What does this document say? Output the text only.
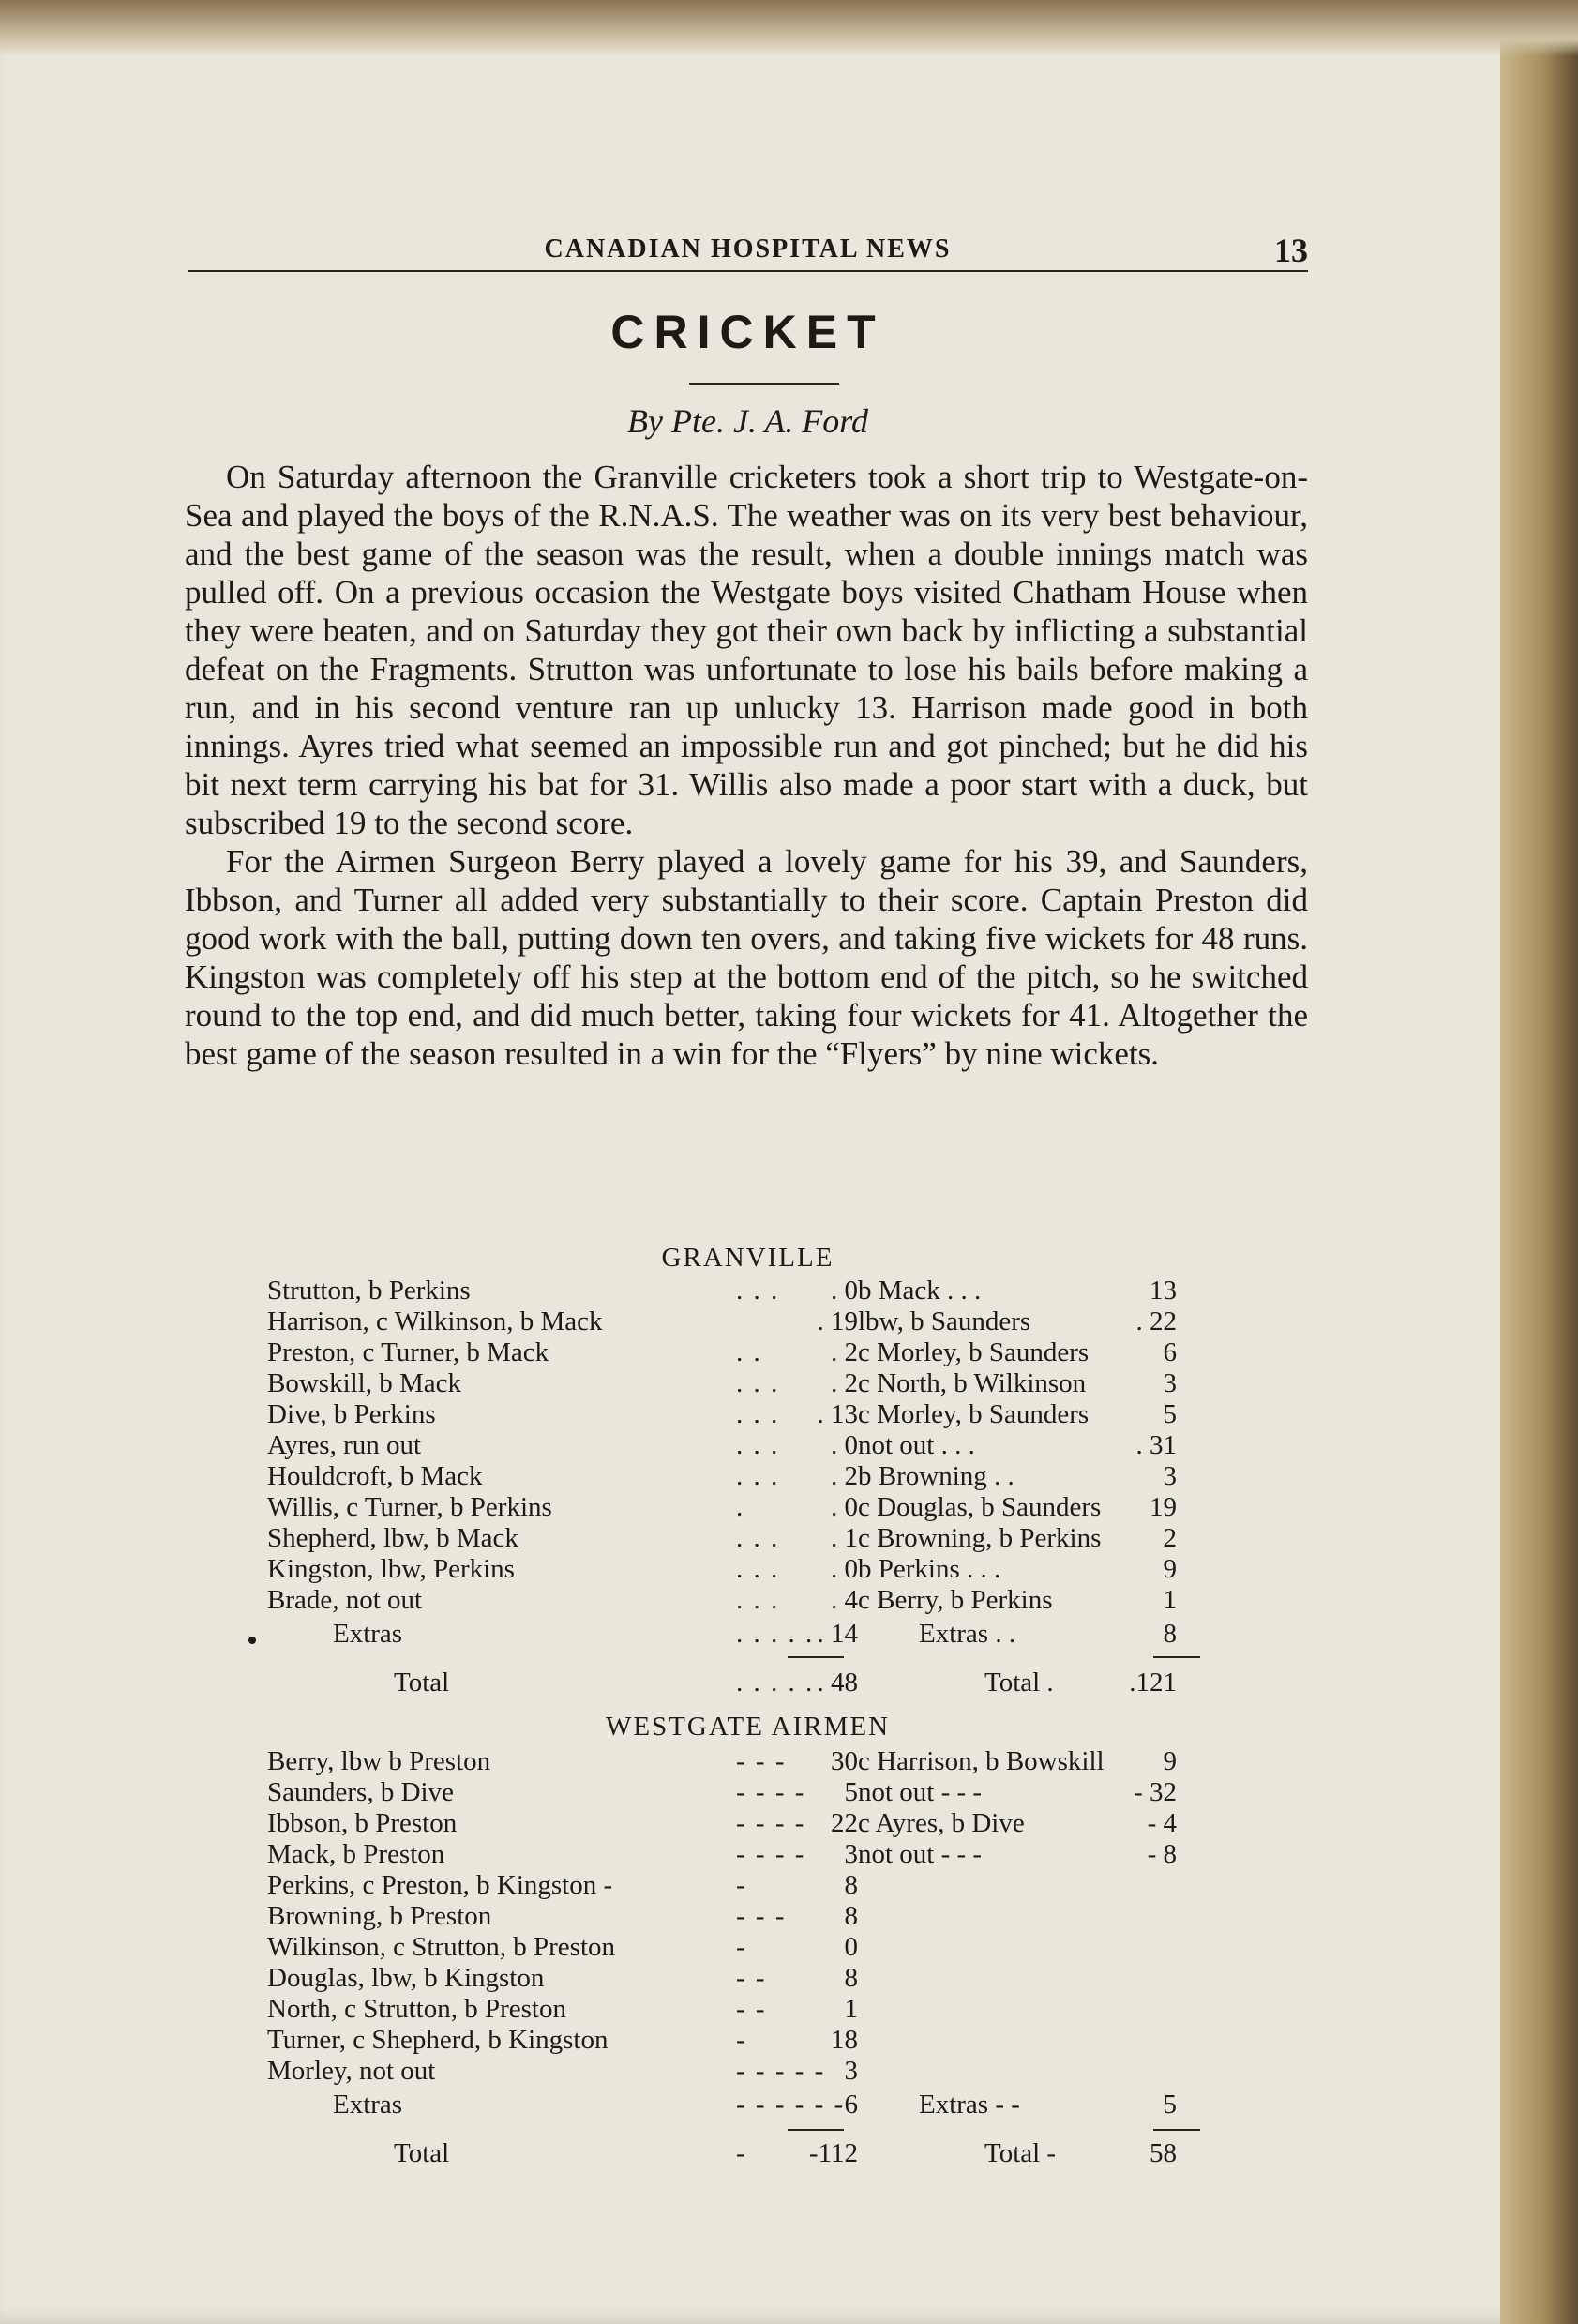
CANADIAN HOSPITAL NEWS	13
CRICKET
By Pte. J. A. Ford

On Saturday afternoon the Granville cricketers took a short trip to Westgate-on-Sea and played the boys of the R.N.A.S. The weather was on its very best behaviour, and the best game of the season was the result, when a double innings match was pulled off. On a previous occasion the Westgate boys visited Chatham House when they were beaten, and on Saturday they got their own back by inflicting a substantial defeat on the Fragments. Strutton was unfortunate to lose his bails before making a run, and in his second venture ran up unlucky 13. Harrison made good in both innings. Ayres tried what seemed an impossible run and got pinched; but he did his bit next term carrying his bat for 31. Willis also made a poor start with a duck, but subscribed 19 to the second score.

For the Airmen Surgeon Berry played a lovely game for his 39, and Saunders, Ibbson, and Turner all added very substantially to their score. Captain Preston did good work with the ball, putting down ten overs, and taking five wickets for 48 runs. Kingston was completely off his step at the bottom end of the pitch, so he switched round to the top end, and did much better, taking four wickets for 41. Altogether the best game of the season resulted in a win for the “Flyers” by nine wickets.

GRANVILLE
Strutton, b Perkins	. . .	. 0 b Mack . . .	13
Harrison, c Wilkinson, b Mack	. 19 lbw, b Saunders	. 22
Preston, c Turner, b Mack	. .	. 2 c Morley, b Saunders	6
Bowskill, b Mack	. . .	. 2 c North, b Wilkinson	3
Dive, b Perkins	. . .	. 13 c Morley, b Saunders	5
Ayres, run out	. . .	. 0 not out . . .	. 31
Houldcroft, b Mack	. . .	. 2 b Browning . .	3
Willis, c Turner, b Perkins	.	. 0 c Douglas, b Saunders	19
Shepherd, lbw, b Mack	. . .	. 1 c Browning, b Perkins	2
Kingston, lbw, Perkins	. . .	. 0 b Perkins . . .	9
Brade, not out	. . .	. 4 c Berry, b Perkins	1
Extras	. . . . . . 14 Extras . .	8
Total	. . . . . . 48	Total .	.121
WESTGATE AIRMEN
Berry, lbw b Preston	- - -	30 c Harrison, b Bowskill	9
Saunders, b Dive	- - - -	5 not out - - -	- 32
Ibbson, b Preston	- - - - 22 c Ayres, b Dive	- 4
Mack, b Preston	- - - -	3 not out - - -	- 8
Perkins, c Preston, b Kingston -	-	8
Browning, b Preston	- - -	8
Wilkinson, c Strutton, b Preston	-	0
Douglas, lbw, b Kingston	- -	8
North, c Strutton, b Preston	- -	1
Turner, c Shepherd, b Kingston	-	18
Morley, not out	- - - - - 3
Extras	- - - - - - 6 Extras - -	5
Total	-	-112	Total -	58
